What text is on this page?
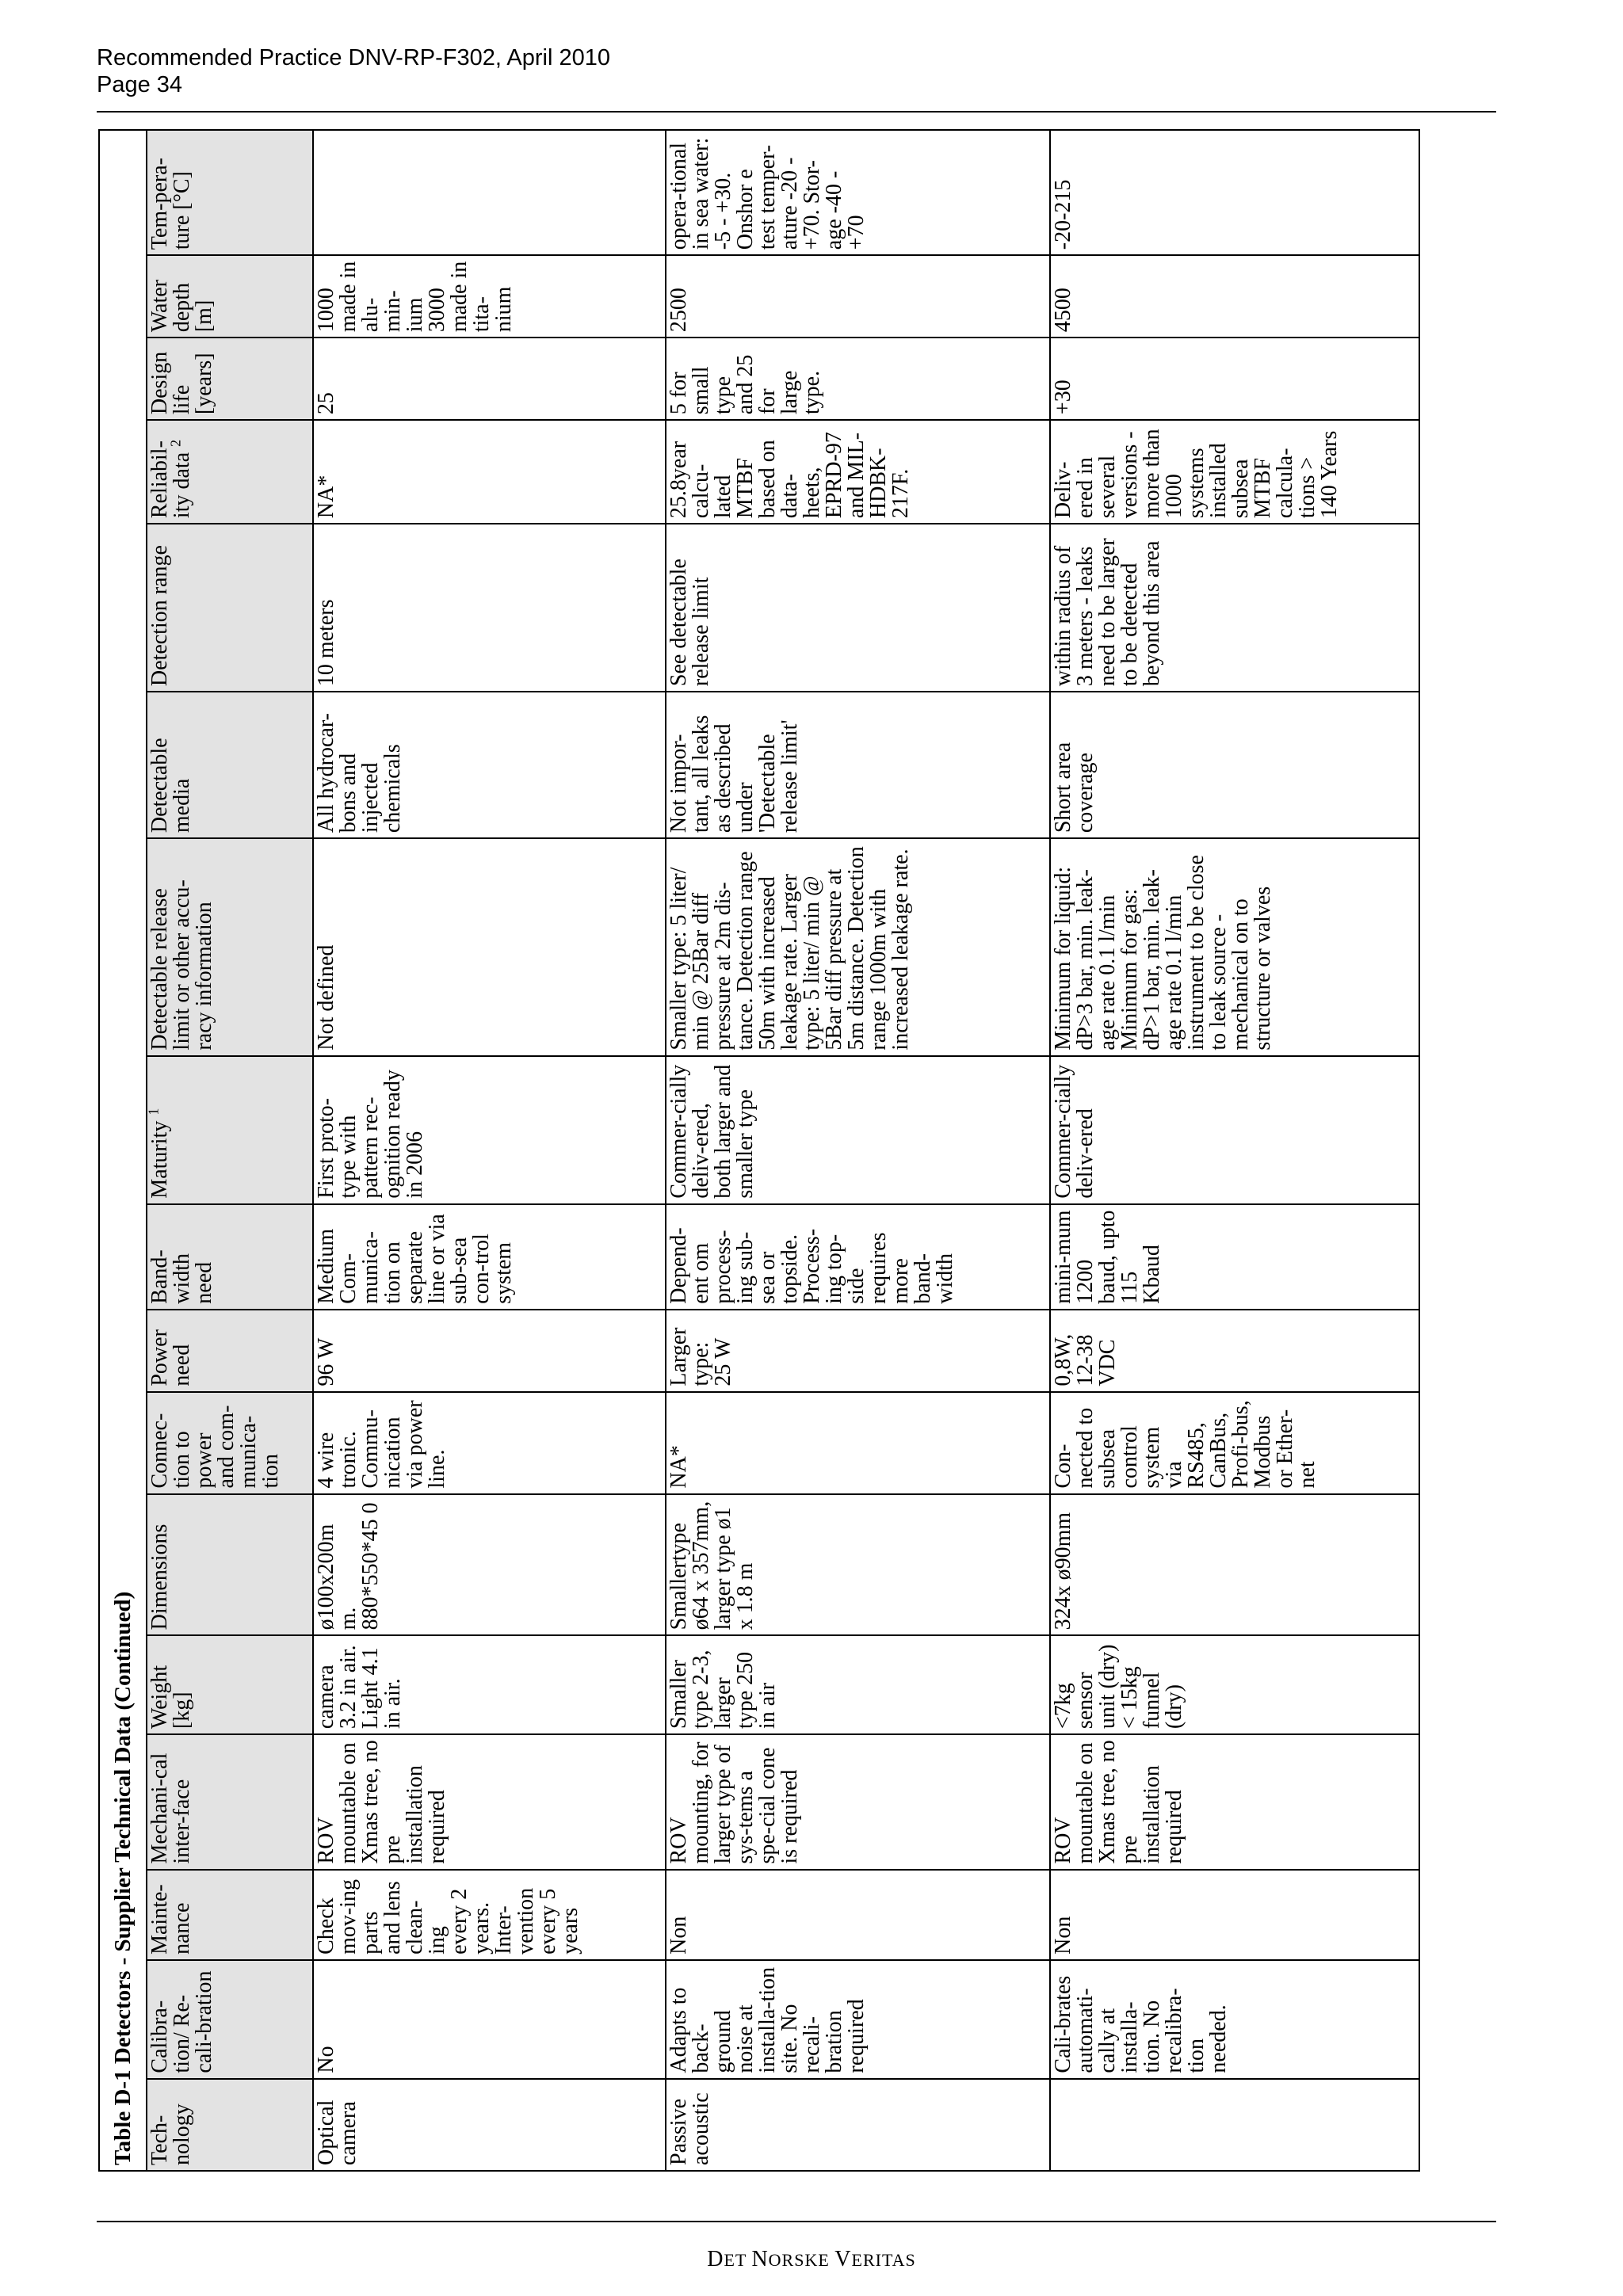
Recommended Practice DNV-RP-F302, April 2010
Page 34
Table D-1 Detectors - Supplier Technical Data (Continued)																
Tech-nology	Calibra-tion/ Re-cali-bration	Mainte-nance	Mechani-cal inter-face	Weight [kg]	Dimensions	Connec-tion to power and com-munica-tion	Power need	Band-width need	Maturity $^1$	Detectable release limit or other accu-racy information	Detectable media	Detection range	Reliabil-ity data $^2$	Design life [years]	Water depth [m]	Tem-pera-ture [°C]
Optical camera	No	Check mov-ing parts and lens clean-ing every 2 years. Inter-vention every 5 years	ROV mountable on Xmas tree, no pre installation required	camera 3.2 in air. Light 4.1 in air.	ø100x200m m. 880*550*45 0	4 wire tronic. Commu-nication via power line.	96 W	Medium Com-munica-tion on separate line or via sub-sea con-trol system	First proto-type with pattern rec-ognition ready in 2006	Not defined	All hydrocar-bons and injected chemicals	10 meters	NA*	25	1000 made in alu-min-ium 3000 made in tita-nium	
Passive acoustic	Adapts to back-ground noise at installa-tion site. No recali-bration required	Non	ROV mounting, for larger type of sys-tems a spe-cial cone is required	Smaller type 2-3, larger type 250 in air	Smallertype ø64 x 357mm, larger type ø1 x 1.8 m	NA*	Larger type: 25 W	Depend-ent om process-ing sub-sea or topside. Process-ing top-side requires more band-width	Commer-cially deliv-ered, both larger and smaller type	Smaller type: 5 liter/ min @ 25Bar diff pressure at 2m dis-tance. Detection range 50m with increased leakage rate. Larger type: 5 liter/ min @ 5Bar diff pressure at 5m distance. Detection range 1000m with increased leakage rate.	Not impor-tant, all leaks as described under 'Detectable release limit'	See detectable release limit	25.8year calcu-lated MTBF based on data-heets, EPRD-97 and MIL-HDBK-217F.	5 for small type and 25 for large type.	2500	opera-tional in sea water: -5 - +30. Onshor e test temper-ature -20 - +70. Stor-age -40 - +70
	Cali-brates automati-cally at installa-tion. No recalibra-tion needed.	Non	ROV mountable on Xmas tree, no pre installation required	<7kg sensor unit (dry) < 15kg funnel (dry)	324x ø90mm	Con-nected to subsea control system via RS485, CanBus, Profi-bus, Modbus or Ether-net	0,8W, 12-38 VDC	mini-mum 1200 baud, upto 115 Kbaud	Commer-cially deliv-ered	Minimum for liquid: dP>3 bar, min. leak-age rate 0.1 l/min Minimum for gas: dP>1 bar, min. leak-age rate 0.1 l/min instrument to be close to leak source - mechanical on to structure or valves	Short area coverage	within radius of 3 meters - leaks need to be larger to be detected beyond this area	Deliv-ered in several versions - more than 1000 systems installed subsea MTBF calcula-tions > 140 Years	+30	4500	-20-215
DET NORSKE VERITAS
